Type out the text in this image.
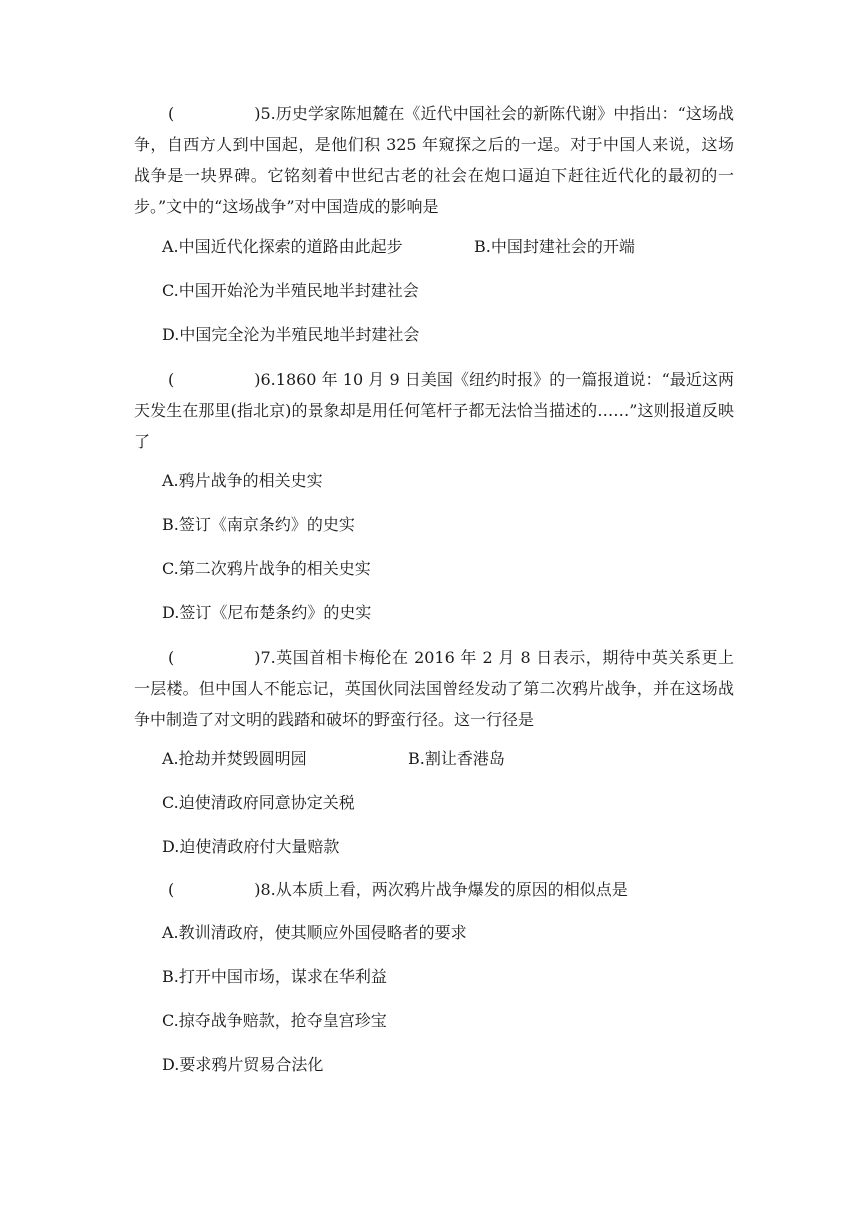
(	)5.历史学家陈旭麓在《近代中国社会的新陈代谢》中指出：“这场战争，自西方人到中国起，是他们积 325 年窥探之后的一逞。对于中国人来说，这场战争是一块界碑。它铭刻着中世纪古老的社会在炮口逼迫下赶往近代化的最初的一步。”文中的“这场战争”对中国造成的影响是
A.中国近代化探索的道路由此起步	B.中国封建社会的开端
C.中国开始沦为半殖民地半封建社会
D.中国完全沦为半殖民地半封建社会
(	)6.1860 年 10 月 9 日美国《纽约时报》的一篇报道说：“最近这两天发生在那里(指北京)的景象却是用任何笔杆子都无法恰当描述的……”这则报道反映了
A.鸦片战争的相关史实
B.签订《南京条约》的史实
C.第二次鸦片战争的相关史实
D.签订《尼布楚条约》的史实
(	)7.英国首相卡梅伦在 2016 年 2 月 8 日表示，期待中英关系更上一层楼。但中国人不能忘记，英国伙同法国曾经发动了第二次鸦片战争，并在这场战争中制造了对文明的践踏和破坏的野蛮行径。这一行径是
A.抢劫并焚毁圆明园	B.割让香港岛
C.迫使清政府同意协定关税
D.迫使清政府付大量赔款
(	)8.从本质上看，两次鸦片战争爆发的原因的相似点是
A.教训清政府，使其顺应外国侵略者的要求
B.打开中国市场，谋求在华利益
C.掠夺战争赔款，抢夺皇宫珍宝
D.要求鸦片贸易合法化
